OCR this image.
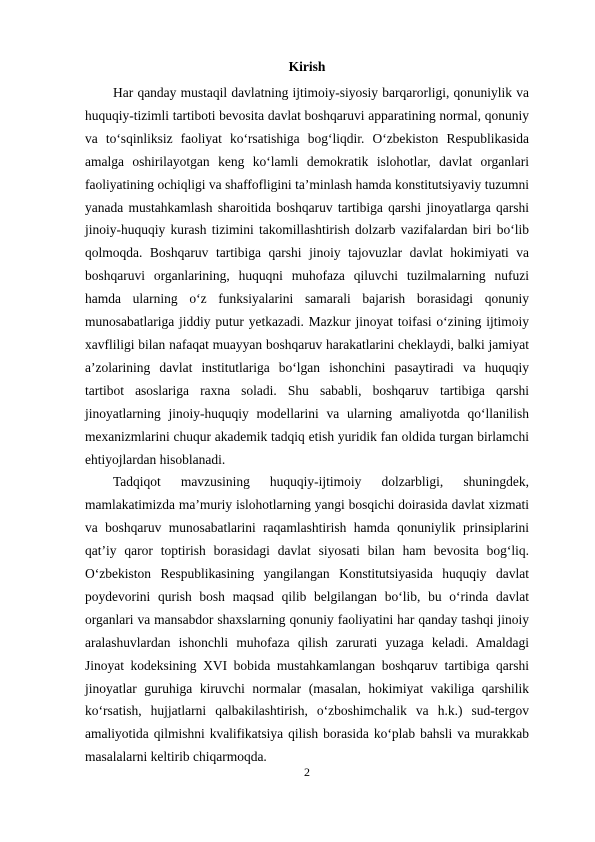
Kirish

Har qanday mustaqil davlatning ijtimoiy-siyosiy barqarorligi, qonuniylik va huquqiy-tizimli tartiboti bevosita davlat boshqaruvi apparatining normal, qonuniy va to‘sqinliksiz faoliyat ko‘rsatishiga bog‘liqdir. O‘zbekiston Respublikasida amalga oshirilayotgan keng ko‘lamli demokratik islohotlar, davlat organlari faoliyatining ochiqligi va shaffofligini ta’minlash hamda konstitutsiyaviy tuzumni yanada mustahkamlash sharoitida boshqaruv tartibiga qarshi jinoyatlarga qarshi jinoiy-huquqiy kurash tizimini takomillashtirish dolzarb vazifalardan biri bo‘lib qolmoqda. Boshqaruv tartibiga qarshi jinoiy tajovuzlar davlat hokimiyati va boshqaruvi organlarining, huquqni muhofaza qiluvchi tuzilmalarning nufuzi hamda ularning o‘z funksiyalarini samarali bajarish borasidagi qonuniy munosabatlariga jiddiy putur yetkazadi. Mazkur jinoyat toifasi o‘zining ijtimoiy xavfliligi bilan nafaqat muayyan boshqaruv harakatlarini cheklaydi, balki jamiyat a’zolarining davlat institutlariga bo‘lgan ishonchini pasaytiradi va huquqiy tartibot asoslariga raxna soladi. Shu sababli, boshqaruv tartibiga qarshi jinoyatlarning jinoiy-huquqiy modellarini va ularning amaliyotda qo‘llanilish mexanizmlarini chuqur akademik tadqiq etish yuridik fan oldida turgan birlamchi ehtiyojlardan hisoblanadi.

Tadqiqot mavzusining huquqiy-ijtimoiy dolzarbligi, shuningdek, mamlakatimizda ma’muriy islohotlarning yangi bosqichi doirasida davlat xizmati va boshqaruv munosabatlarini raqamlashtirish hamda qonuniylik prinsiplarini qat’iy qaror toptirish borasidagi davlat siyosati bilan ham bevosita bog‘liq. O‘zbekiston Respublikasining yangilangan Konstitutsiyasida huquqiy davlat poydevorini qurish bosh maqsad qilib belgilangan bo‘lib, bu o‘rinda davlat organlari va mansabdor shaxslarning qonuniy faoliyatini har qanday tashqi jinoiy aralashuvlardan ishonchli muhofaza qilish zarurati yuzaga keladi. Amaldagi Jinoyat kodeksining XVI bobida mustahkamlangan boshqaruv tartibiga qarshi jinoyatlar guruhiga kiruvchi normalar (masalan, hokimiyat vakiliga qarshilik ko‘rsatish, hujjatlarni qalbakilashtirish, o‘zboshimchalik va h.k.) sud-tergov amaliyotida qilmishni kvalifikatsiya qilish borasida ko‘plab bahsli va murakkab masalalarni keltirib chiqarmoqda.

2
